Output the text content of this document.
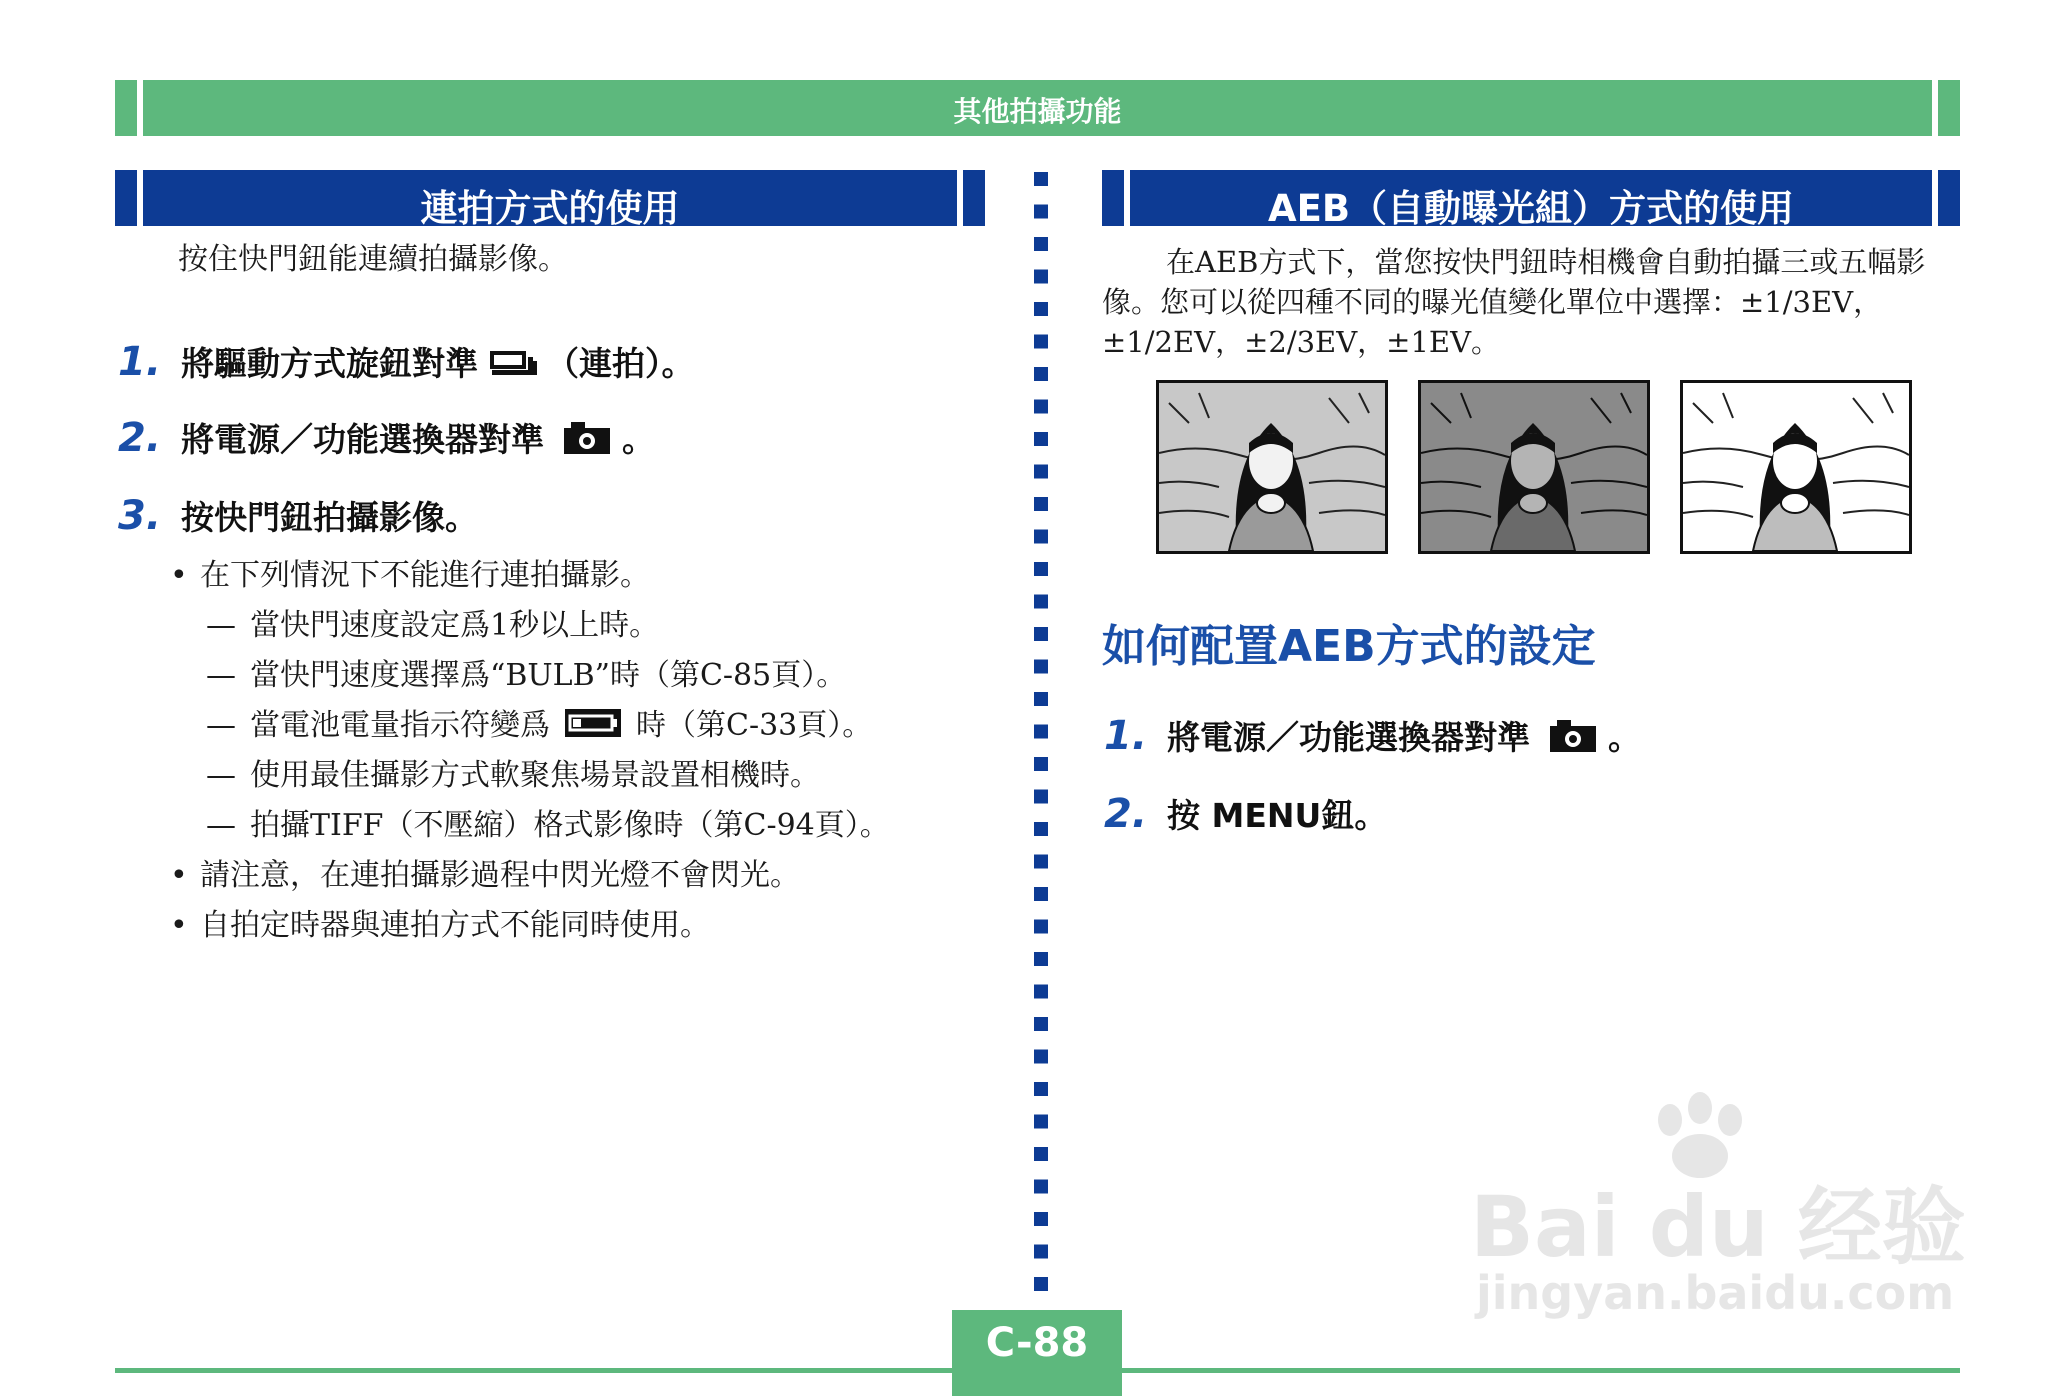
其他拍攝功能
連拍方式的使用
按住快門鈕能連續拍攝影像。
1. 將驅動方式旋鈕對準 （連拍）。
2. 將電源／功能選換器對準 。
3. 按快門鈕拍攝影像。
• 在下列情況下不能進行連拍攝影。
— 當快門速度設定爲1秒以上時。
— 當快門速度選擇爲“BULB”時（第C-85頁）。
— 當電池電量指示符變爲	時（第C-33頁）。
— 使用最佳攝影方式軟聚焦場景設置相機時。
— 拍攝TIFF（不壓縮）格式影像時（第C-94頁）。
• 請注意，在連拍攝影過程中閃光燈不會閃光。
• 自拍定時器與連拍方式不能同時使用。
AEB（自動曝光組）方式的使用
在AEB方式下，當您按快門鈕時相機會自動拍攝三或五幅影像。您可以從四種不同的曝光值變化單位中選擇：±1/3EV，±1/2EV，±2/3EV，±1EV。
如何配置AEB方式的設定
1. 將電源／功能選換器對準 。
2. 按 MENU鈕。
C-88
Bai du 经验
jingyan.baidu.com
